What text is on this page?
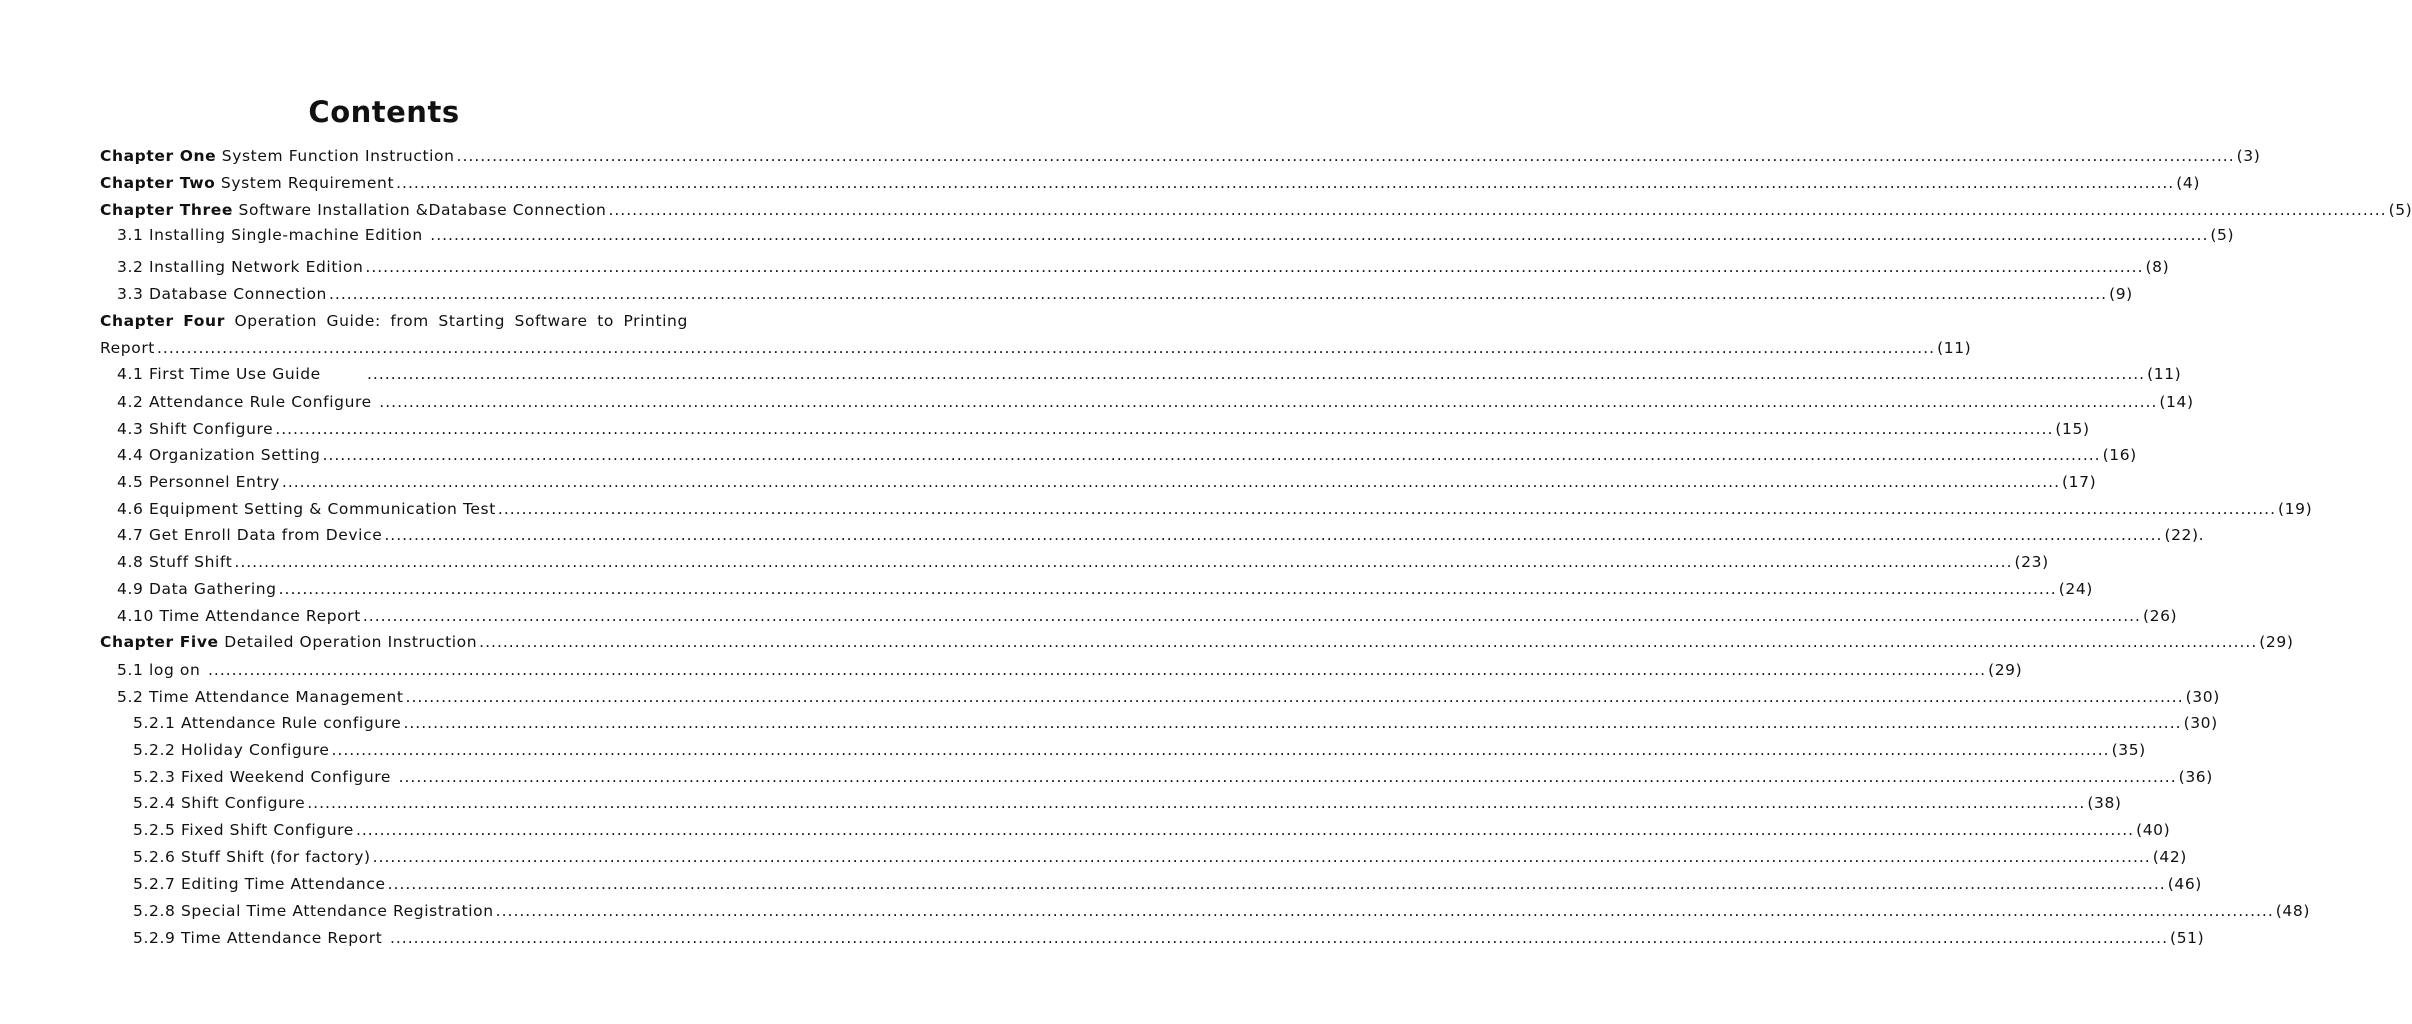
Contents
Chapter One System Function Instruction ............................................................................................................................................................................................................................................................................................................ (3)
Chapter Two System Requirement ............................................................................................................................................................................................................................................................................................................ (4)
Chapter Three Software Installation &Database Connection ............................................................................................................................................................................................................................................................................................................ (5)
3.1 Installing Single-machine Edition ............................................................................................................................................................................................................................................................................................................ (5)
3.2 Installing Network Edition ............................................................................................................................................................................................................................................................................................................ (8)
3.3 Database Connection ............................................................................................................................................................................................................................................................................................................ (9)
Chapter Four Operation Guide: from Starting Software to Printing
Report ............................................................................................................................................................................................................................................................................................................ (11)
4.1 First Time Use Guide ............................................................................................................................................................................................................................................................................................................ (11)
4.2 Attendance Rule Configure ............................................................................................................................................................................................................................................................................................................ (14)
4.3 Shift Configure ............................................................................................................................................................................................................................................................................................................ (15)
4.4 Organization Setting ............................................................................................................................................................................................................................................................................................................ (16)
4.5 Personnel Entry ............................................................................................................................................................................................................................................................................................................ (17)
4.6 Equipment Setting & Communication Test ............................................................................................................................................................................................................................................................................................................ (19)
4.7 Get Enroll Data from Device ............................................................................................................................................................................................................................................................................................................ (22).
4.8 Stuff Shift ............................................................................................................................................................................................................................................................................................................ (23)
4.9 Data Gathering ............................................................................................................................................................................................................................................................................................................ (24)
4.10 Time Attendance Report ............................................................................................................................................................................................................................................................................................................ (26)
Chapter Five Detailed Operation Instruction ............................................................................................................................................................................................................................................................................................................ (29)
5.1 log on ............................................................................................................................................................................................................................................................................................................ (29)
5.2 Time Attendance Management ............................................................................................................................................................................................................................................................................................................ (30)
5.2.1 Attendance Rule configure ............................................................................................................................................................................................................................................................................................................ (30)
5.2.2 Holiday Configure ............................................................................................................................................................................................................................................................................................................ (35)
5.2.3 Fixed Weekend Configure ............................................................................................................................................................................................................................................................................................................ (36)
5.2.4 Shift Configure ............................................................................................................................................................................................................................................................................................................ (38)
5.2.5 Fixed Shift Configure ............................................................................................................................................................................................................................................................................................................ (40)
5.2.6 Stuff Shift (for factory) ............................................................................................................................................................................................................................................................................................................ (42)
5.2.7 Editing Time Attendance ............................................................................................................................................................................................................................................................................................................ (46)
5.2.8 Special Time Attendance Registration ............................................................................................................................................................................................................................................................................................................ (48)
5.2.9 Time Attendance Report ............................................................................................................................................................................................................................................................................................................ (51)
